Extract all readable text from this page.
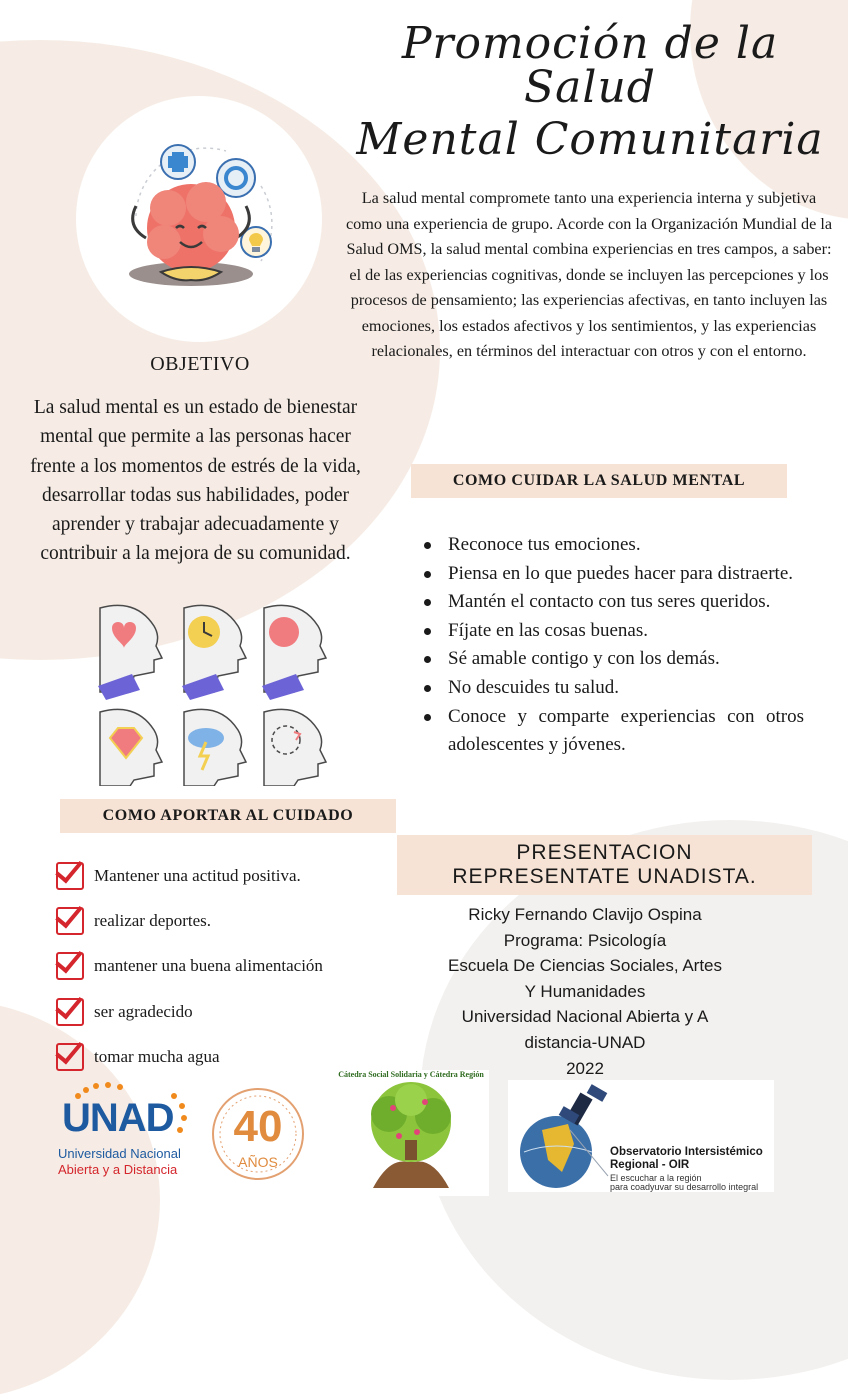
Promoción de la Salud
Mental Comunitaria
La salud mental compromete tanto una experiencia interna y subjetiva como una experiencia de grupo. Acorde con la Organización Mundial de la Salud OMS, la salud mental combina experiencias en tres campos, a saber: el de las experiencias cognitivas, donde se incluyen las percepciones y los procesos de pensamiento; las experiencias afectivas, en tanto incluyen las emociones, los estados afectivos y los sentimientos, y las experiencias relacionales, en términos del interactuar con otros y con el entorno.
OBJETIVO
La salud mental es un estado de bienestar mental que permite a las personas hacer frente a los momentos de estrés de la vida, desarrollar todas sus habilidades, poder aprender y trabajar adecuadamente y contribuir a la mejora de su comunidad.
COMO CUIDAR LA SALUD MENTAL
Reconoce tus emociones.
Piensa en lo que puedes hacer para distraerte.
Mantén el contacto con tus seres queridos.
Fíjate en las cosas buenas.
Sé amable contigo y con los demás.
No descuides tu salud.
Conoce y comparte experiencias con otros adolescentes y jóvenes.
COMO APORTAR AL CUIDADO
Mantener una actitud positiva.
realizar deportes.
mantener una buena alimentación
ser agradecido
tomar mucha agua
PRESENTACION
REPRESENTATE UNADISTA.
Ricky Fernando Clavijo Ospina
Programa: Psicología
Escuela De Ciencias Sociales, Artes
Y Humanidades
Universidad Nacional Abierta y A
distancia-UNAD
2022
UNAD
Universidad Nacional
Abierta y a Distancia
40
AÑOS
Cátedra Social Solidaria y Cátedra Región
Observatorio Intersistémico
Regional - OIR
El escuchar a la región
para coadyuvar su desarrollo integral
